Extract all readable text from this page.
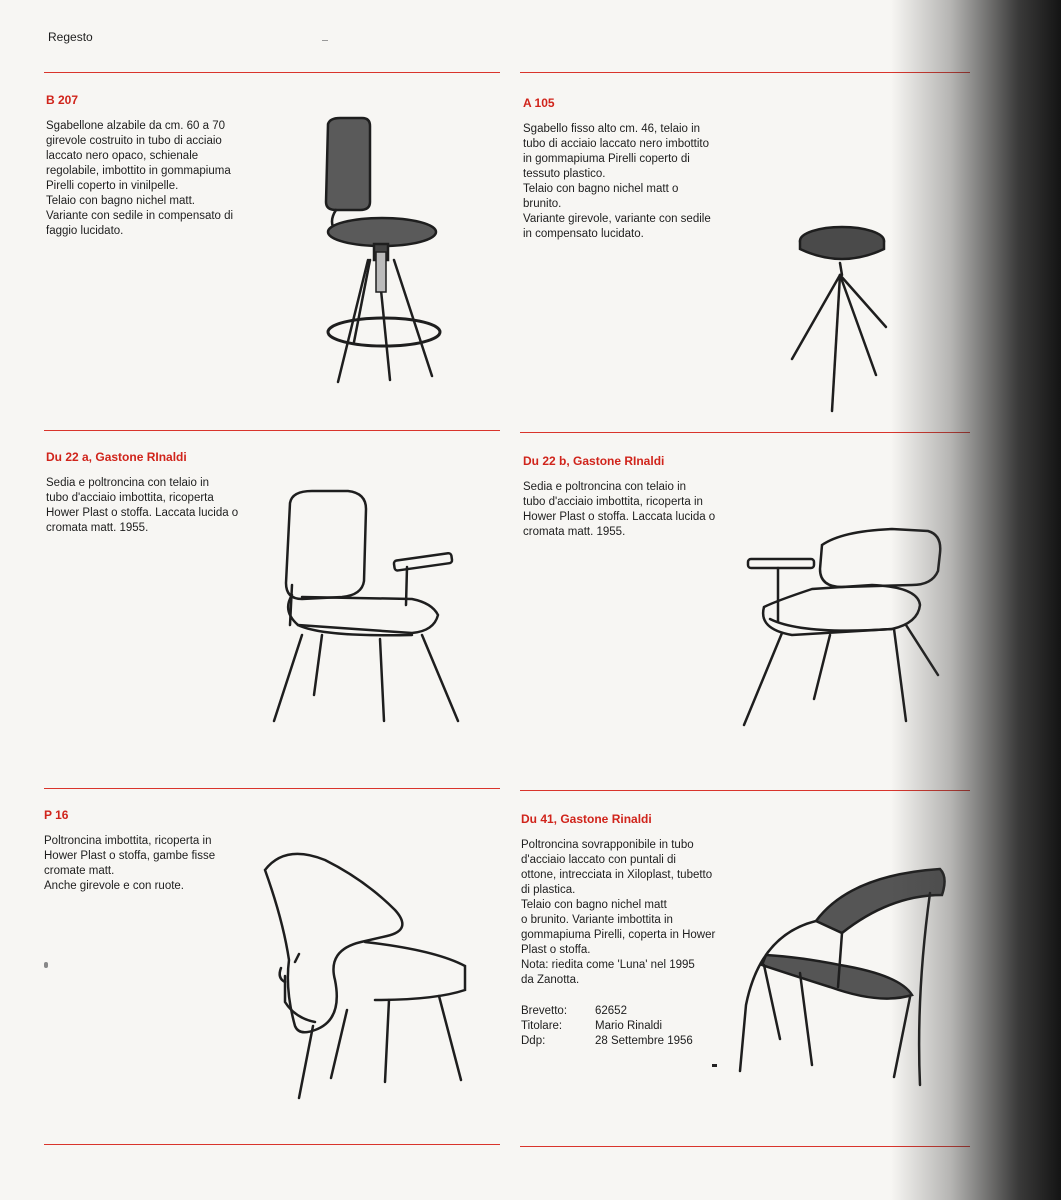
Regesto
B 207
Sgabellone alzabile da cm. 60 a 70
girevole costruito in tubo di acciaio
laccato nero opaco, schienale
regolabile, imbottito in gommapiuma
Pirelli coperto in vinilpelle.
Telaio con bagno nichel matt.
Variante con sedile in compensato di
faggio lucidato.
A 105
Sgabello fisso alto cm. 46, telaio in
tubo di acciaio laccato nero imbottito
in gommapiuma Pirelli coperto di
tessuto plastico.
Telaio con bagno nichel matt o
brunito.
Variante girevole, variante con sedile
in compensato lucidato.
Du 22 a, Gastone RInaldi
Sedia e poltroncina con telaio in
tubo d'acciaio imbottita, ricoperta
Hower Plast o stoffa. Laccata lucida o
cromata matt. 1955.
Du 22 b, Gastone RInaldi
Sedia e poltroncina con telaio in
tubo d'acciaio imbottita, ricoperta in
Hower Plast o stoffa. Laccata lucida o
cromata matt. 1955.
P 16
Poltroncina imbottita, ricoperta in
Hower Plast o stoffa, gambe fisse
cromate matt.
Anche girevole e con ruote.
Du 41, Gastone Rinaldi
Poltroncina sovrapponibile in tubo
d'acciaio laccato con puntali di
ottone, intrecciata in Xiloplast, tubetto
di plastica.
Telaio con bagno nichel matt
o brunito. Variante imbottita in
gommapiuma Pirelli, coperta in Hower
Plast o stoffa.
Nota: riedita come 'Luna' nel 1995
da Zanotta.
Brevetto:	62652
Titolare:	Mario Rinaldi
Ddp:	28 Settembre 1956
